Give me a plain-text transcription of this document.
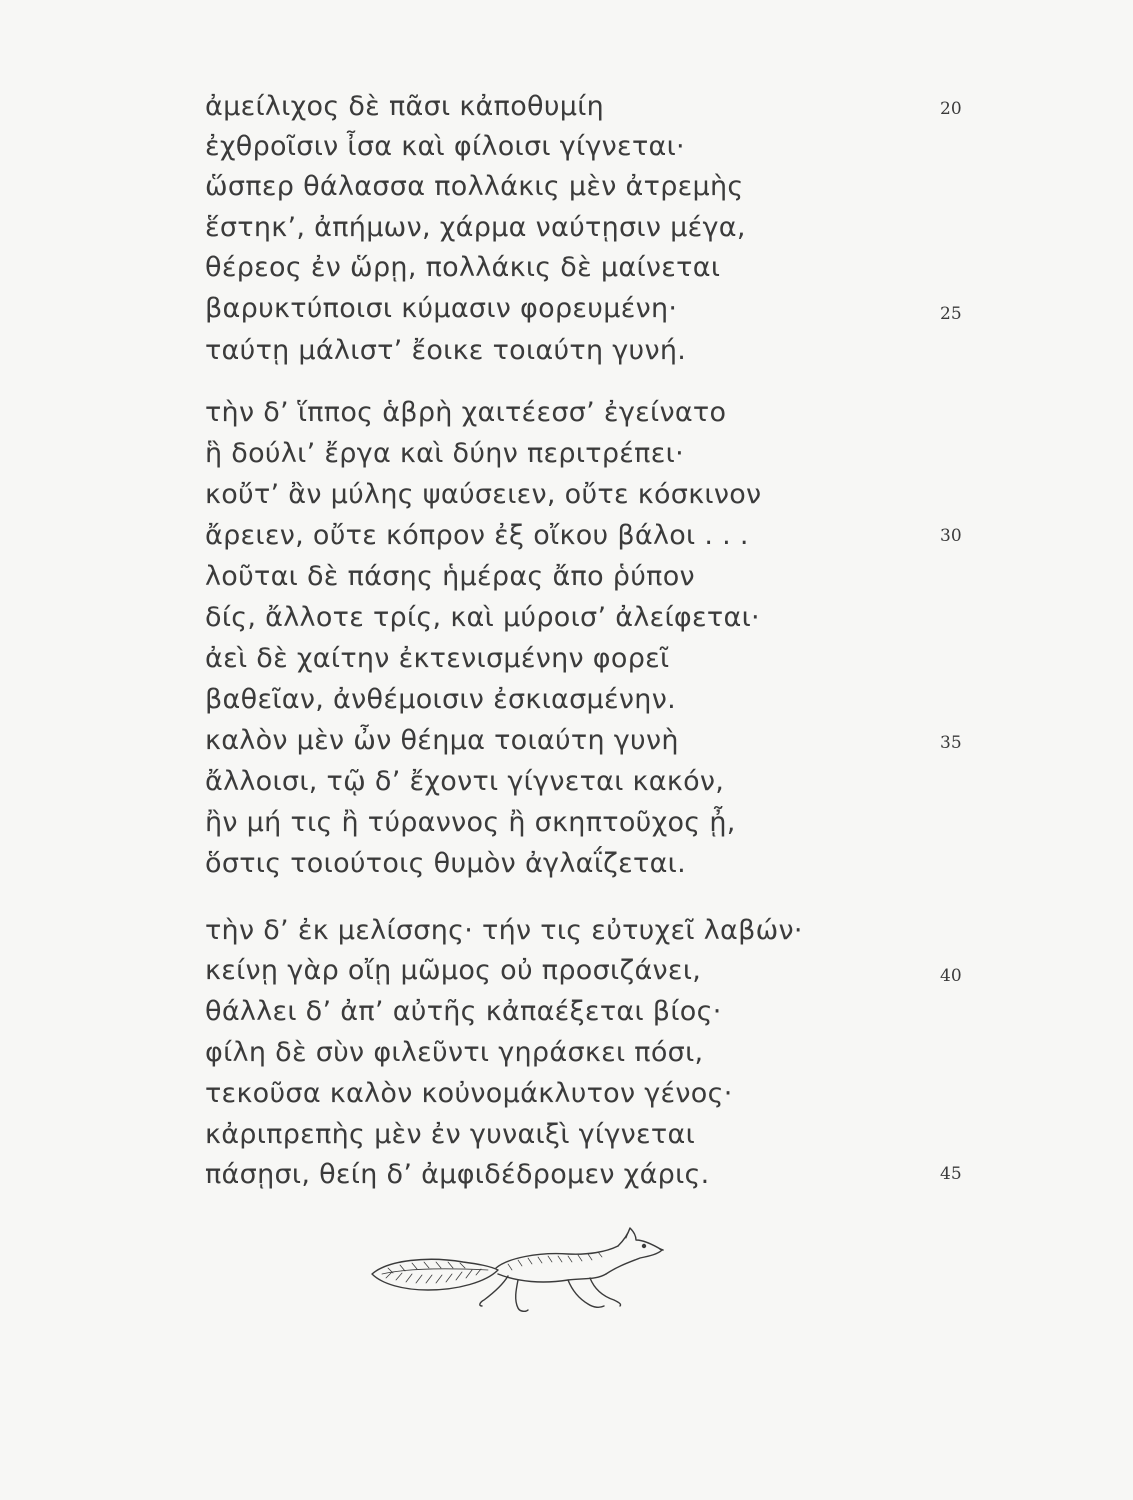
ἀμείλιχος δὲ πᾶσι κἀποθυμίη
ἐχθροῖσιν ἶσα καὶ φίλοισι γίγνεται·
ὥσπερ θάλασσα πολλάκις μὲν ἀτρεμὴς
ἕστηκ’, ἀπήμων, χάρμα ναύτῃσιν μέγα,
θέρεος ἐν ὥρῃ, πολλάκις δὲ μαίνεται
βαρυκτύποισι κύμασιν φορευμένη·
ταύτῃ μάλιστ’ ἔοικε τοιαύτη γυνή.
τὴν δ’ ἵππος ἁβρὴ χαιτέεσσ’ ἐγείνατο
ἣ δούλι’ ἔργα καὶ δύην περιτρέπει·
κοὔτ’ ἂν μύλης ψαύσειεν, οὔτε κόσκινον
ἄρειεν, οὔτε κόπρον ἐξ οἴκου βάλοι . . .
λοῦται δὲ πάσης ἡμέρας ἄπο ῥύπον
δίς, ἄλλοτε τρίς, καὶ μύροισ’ ἀλείφεται·
ἀεὶ δὲ χαίτην ἐκτενισμένην φορεῖ
βαθεῖαν, ἀνθέμοισιν ἐσκιασμένην.
καλὸν μὲν ὦν θέημα τοιαύτη γυνὴ
ἄλλοισι, τῷ δ’ ἔχοντι γίγνεται κακόν,
ἢν μή τις ἢ τύραννος ἢ σκηπτοῦχος ᾖ,
ὅστις τοιούτοις θυμὸν ἀγλαΐζεται.
τὴν δ’ ἐκ μελίσσης· τήν τις εὐτυχεῖ λαβών·
κείνῃ γὰρ οἴῃ μῶμος οὐ προσιζάνει,
θάλλει δ’ ἀπ’ αὐτῆς κἀπαέξεται βίος·
φίλη δὲ σὺν φιλεῦντι γηράσκει πόσι,
τεκοῦσα καλὸν κοὐνομάκλυτον γένος·
κἀριπρεπὴς μὲν ἐν γυναιξὶ γίγνεται
πάσῃσι, θείη δ’ ἀμφιδέδρομεν χάρις.
20
25
30
35
40
45
